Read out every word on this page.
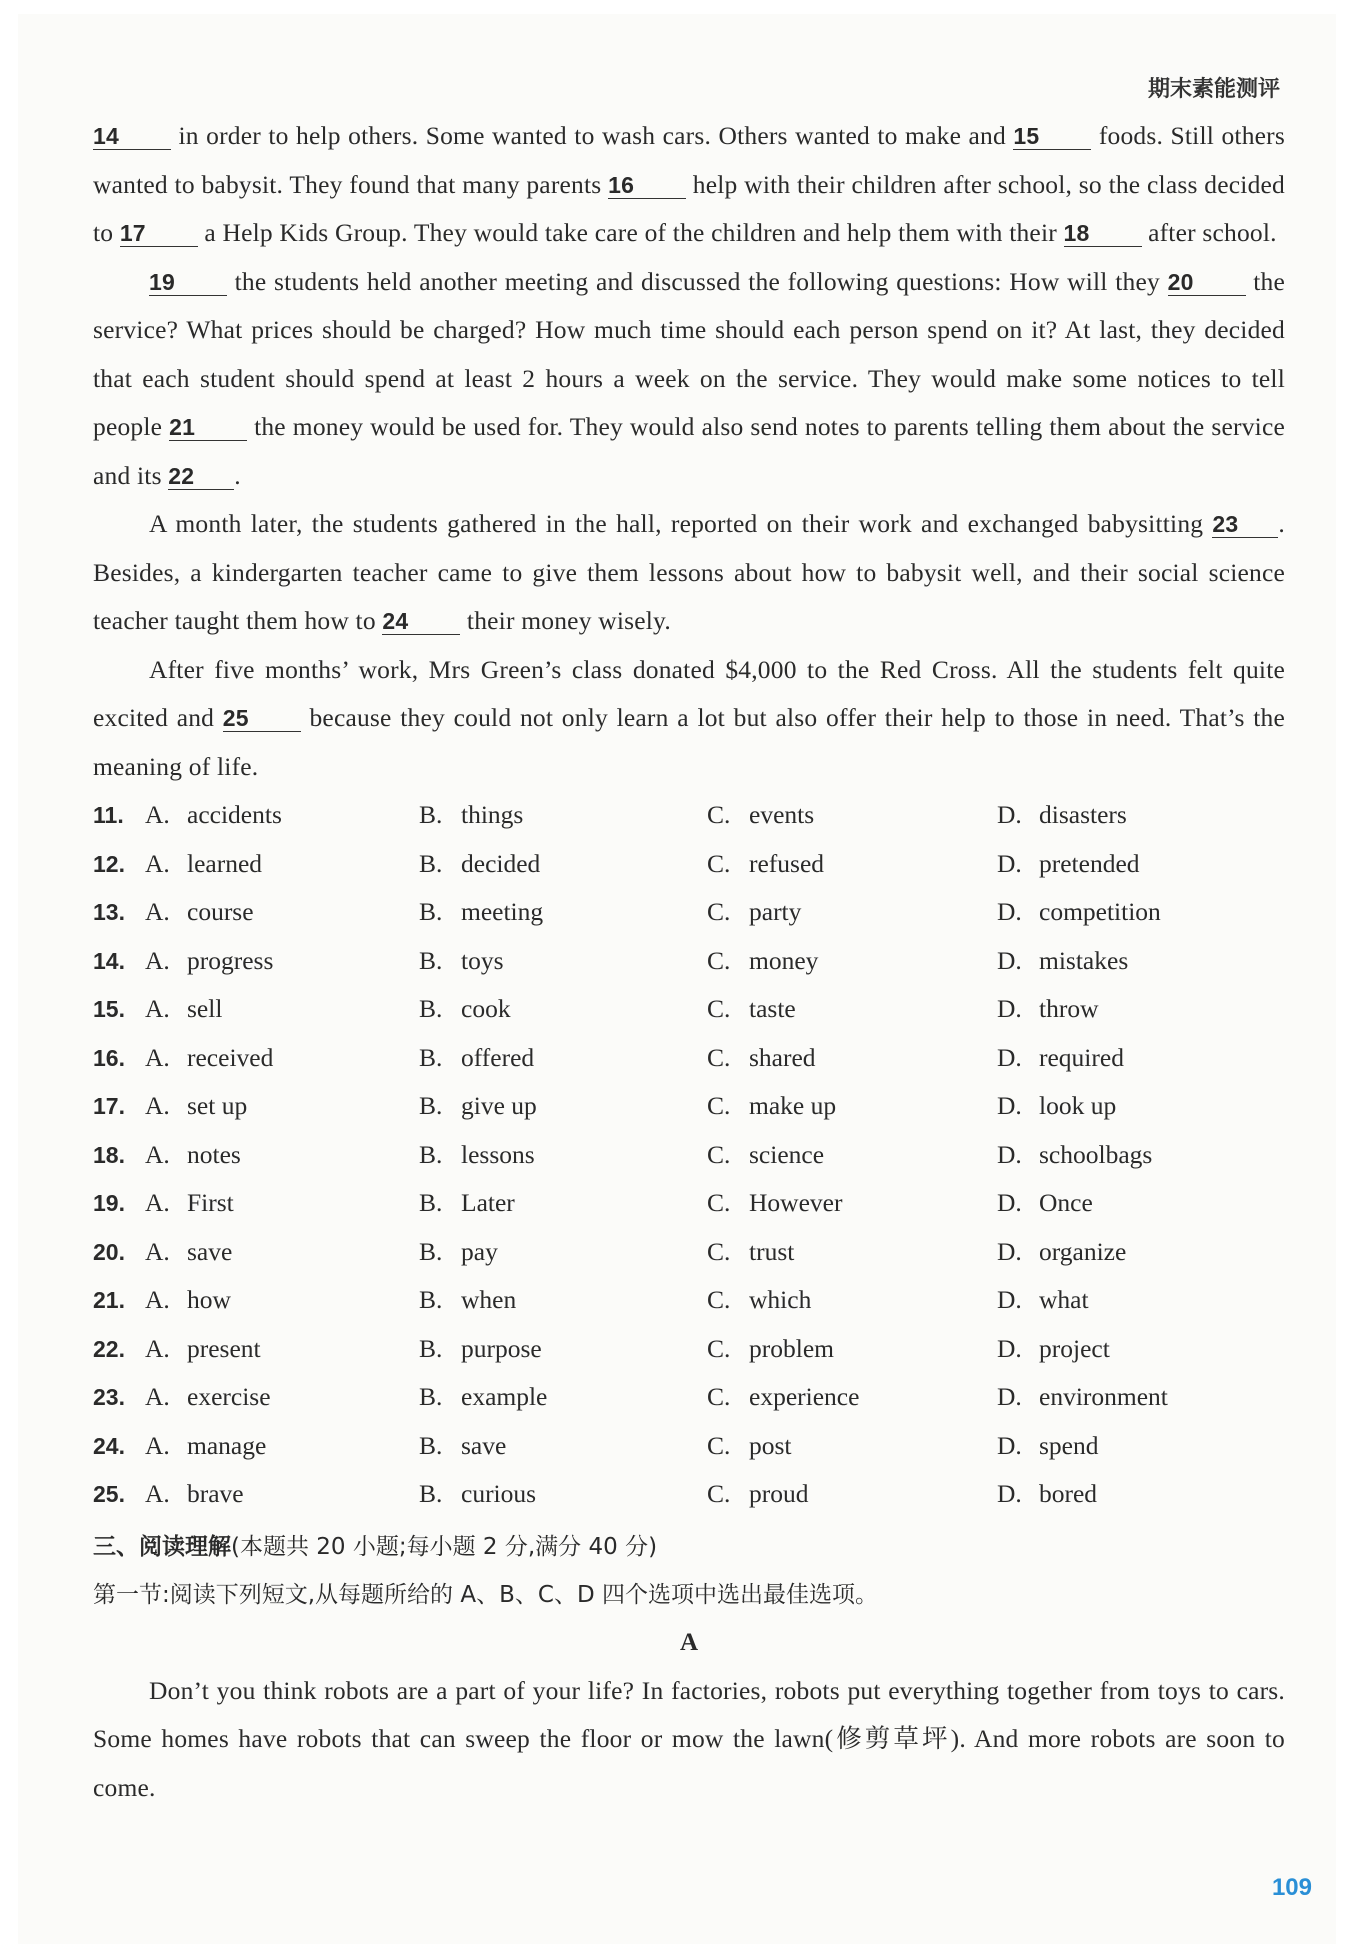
期末素能测评

14 in order to help others. Some wanted to wash cars. Others wanted to make and 15 foods. Still others wanted to babysit. They found that many parents 16 help with their children after school, so the class decided to 17 a Help Kids Group. They would take care of the children and help them with their 18 after school.

19 the students held another meeting and discussed the following questions: How will they 20 the service? What prices should be charged? How much time should each person spend on it? At last, they decided that each student should spend at least 2 hours a week on the service. They would make some notices to tell people 21 the money would be used for. They would also send notes to parents telling them about the service and its 22 .

A month later, the students gathered in the hall, reported on their work and exchanged babysitting 23 . Besides, a kindergarten teacher came to give them lessons about how to babysit well, and their social science teacher taught them how to 24 their money wisely.

After five months’ work, Mrs Green’s class donated $4,000 to the Red Cross. All the students felt quite excited and 25 because they could not only learn a lot but also offer their help to those in need. That’s the meaning of life.

11. A. accidents	B. things	C. events	D. disasters
12. A. learned	B. decided	C. refused	D. pretended
13. A. course	B. meeting	C. party	D. competition
14. A. progress	B. toys	C. money	D. mistakes
15. A. sell	B. cook	C. taste	D. throw
16. A. received	B. offered	C. shared	D. required
17. A. set up	B. give up	C. make up	D. look up
18. A. notes	B. lessons	C. science	D. schoolbags
19. A. First	B. Later	C. However	D. Once
20. A. save	B. pay	C. trust	D. organize
21. A. how	B. when	C. which	D. what
22. A. present	B. purpose	C. problem	D. project
23. A. exercise	B. example	C. experience	D. environment
24. A. manage	B. save	C. post	D. spend
25. A. brave	B. curious	C. proud	D. bored
三、阅读理解(本题共 20 小题;每小题 2 分,满分 40 分)
第一节:阅读下列短文,从每题所给的 A、B、C、D 四个选项中选出最佳选项。
A

Don’t you think robots are a part of your life? In factories, robots put everything together from toys to cars. Some homes have robots that can sweep the floor or mow the lawn(修剪草坪). And more robots are soon to come.

109
